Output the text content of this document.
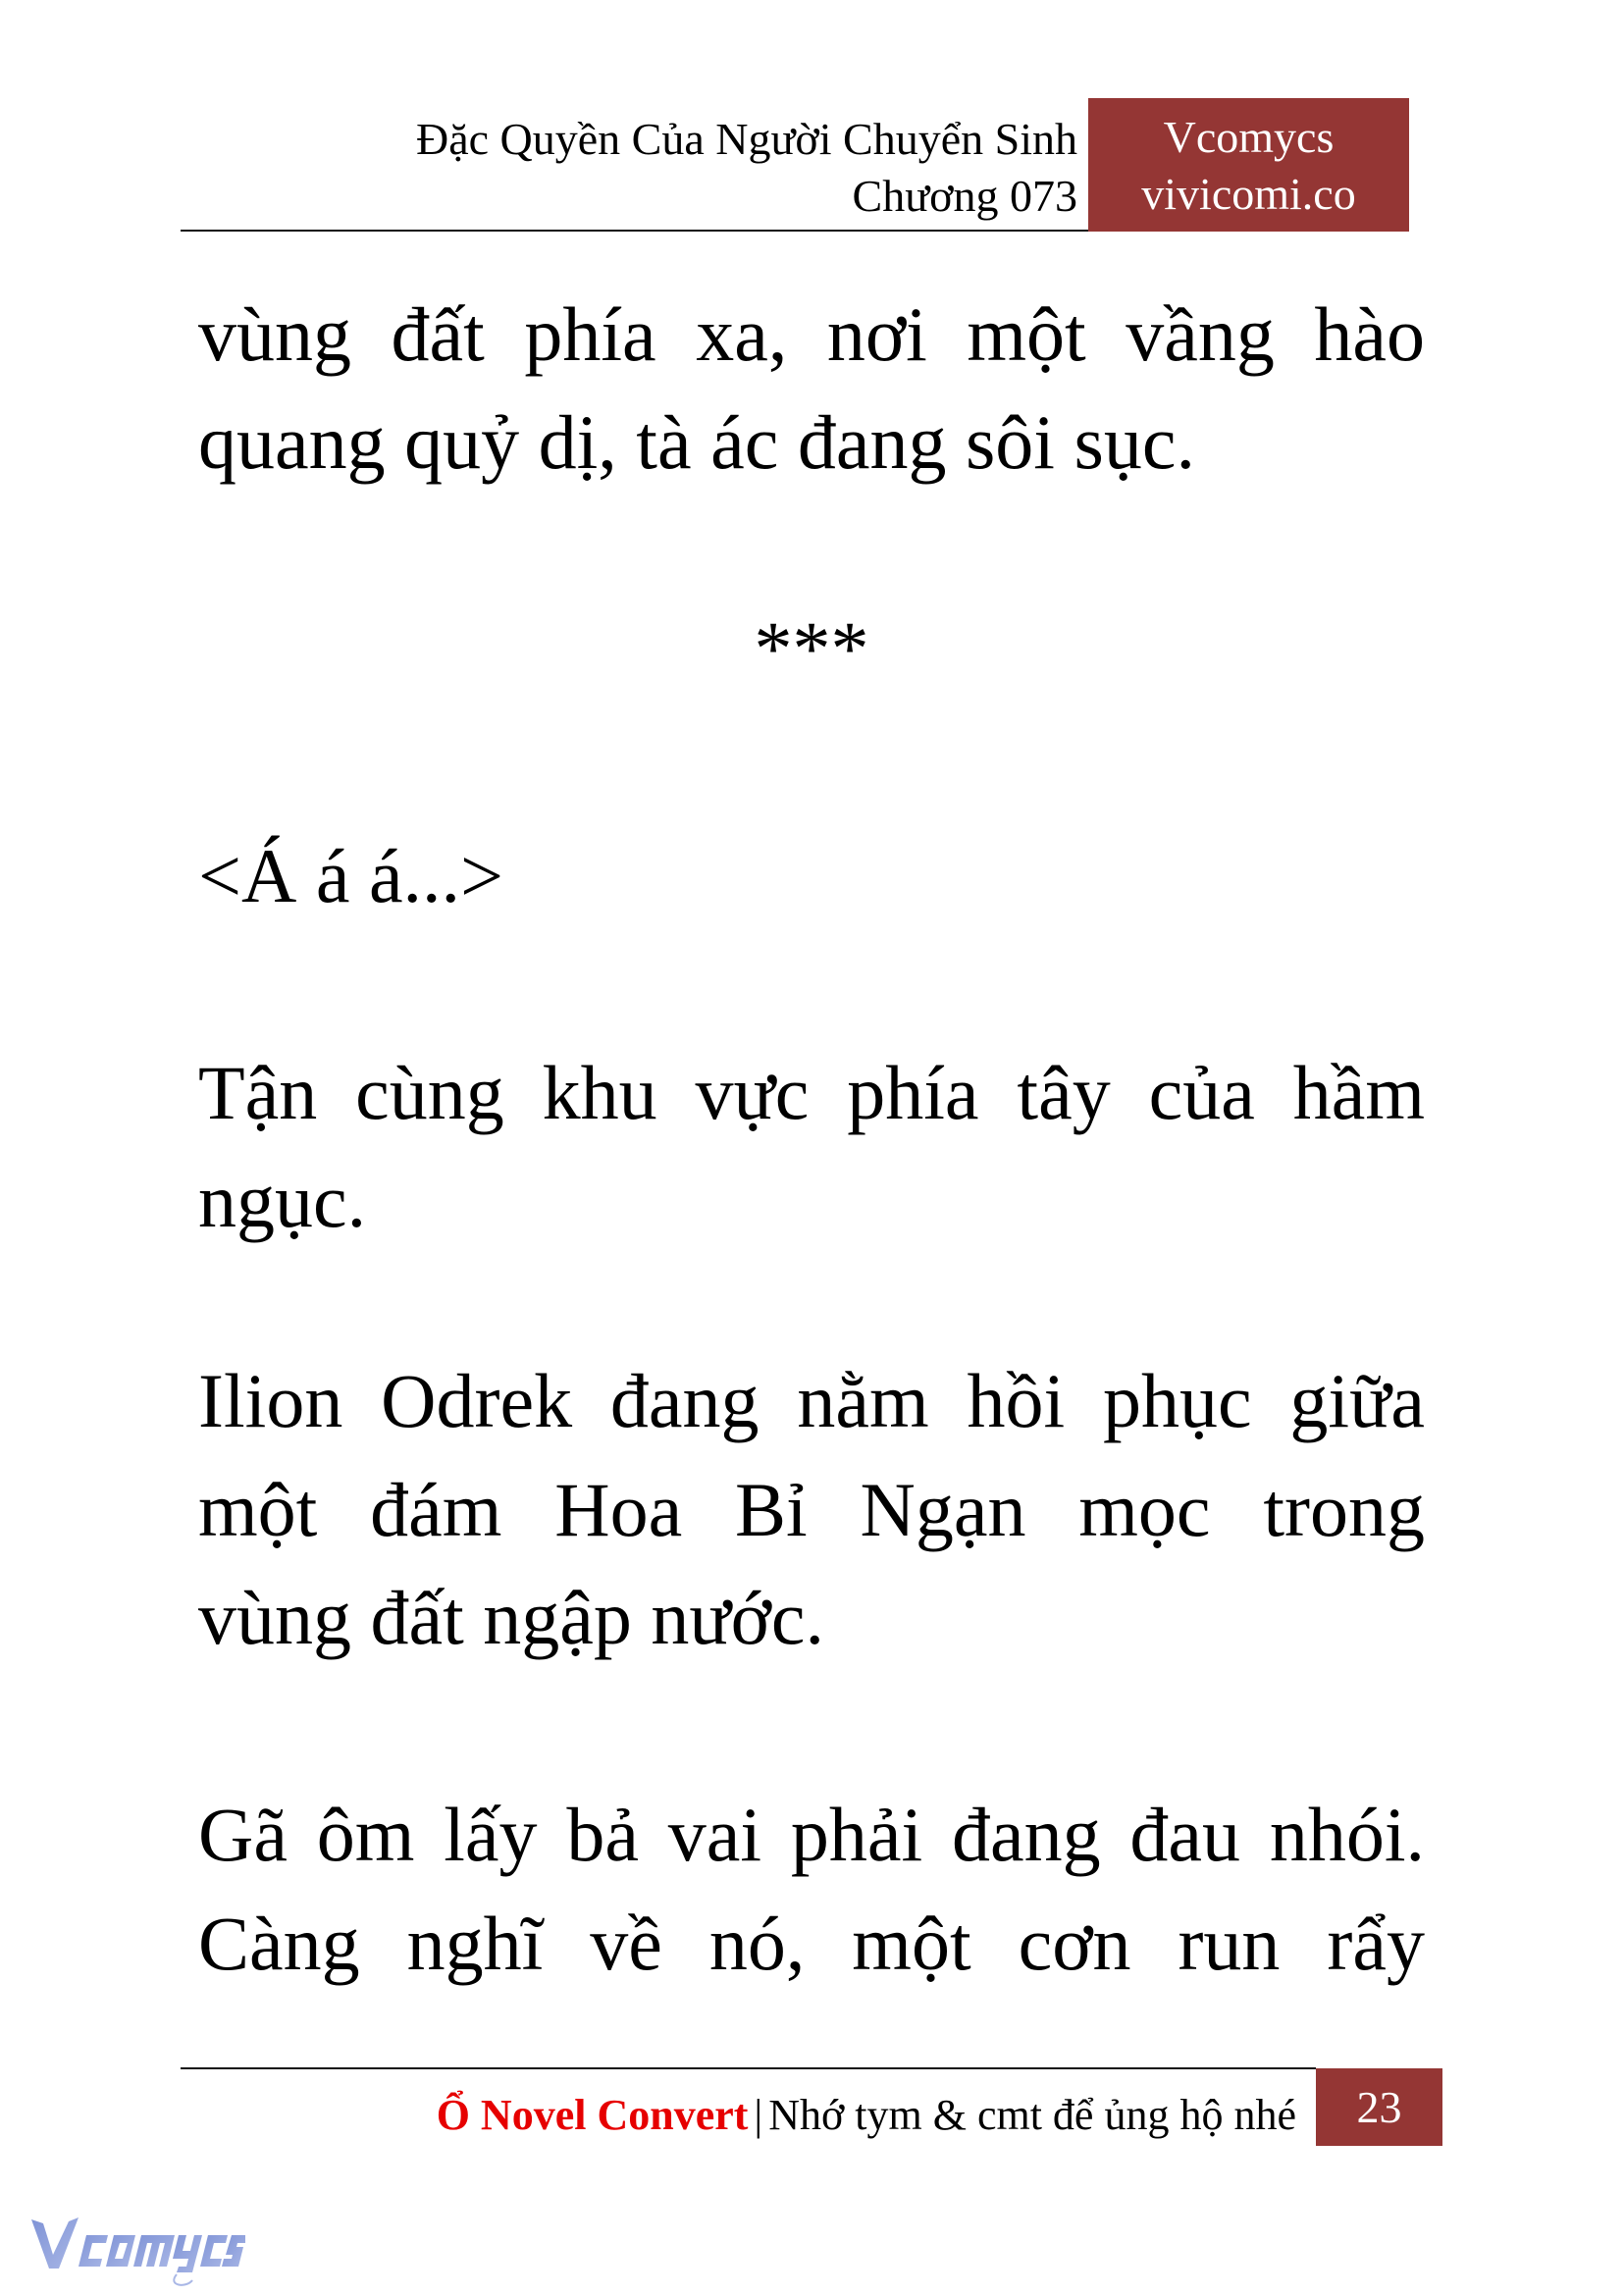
Đặc Quyền Của Người Chuyển Sinh
Chương 073
Vcomycs
vivicomi.co
vùng đất phía xa, nơi một vầng hào
quang quỷ dị, tà ác đang sôi sục.
***
<Á á á...>
Tận cùng khu vực phía tây của hầm
ngục.
Ilion Odrek đang nằm hồi phục giữa
một đám Hoa Bỉ Ngạn mọc trong
vùng đất ngập nước.
Gã ôm lấy bả vai phải đang đau nhói.
Càng nghĩ về nó, một cơn run rẩy
Ổ Novel Convert | Nhớ tym & cmt để ủng hộ nhé	23
